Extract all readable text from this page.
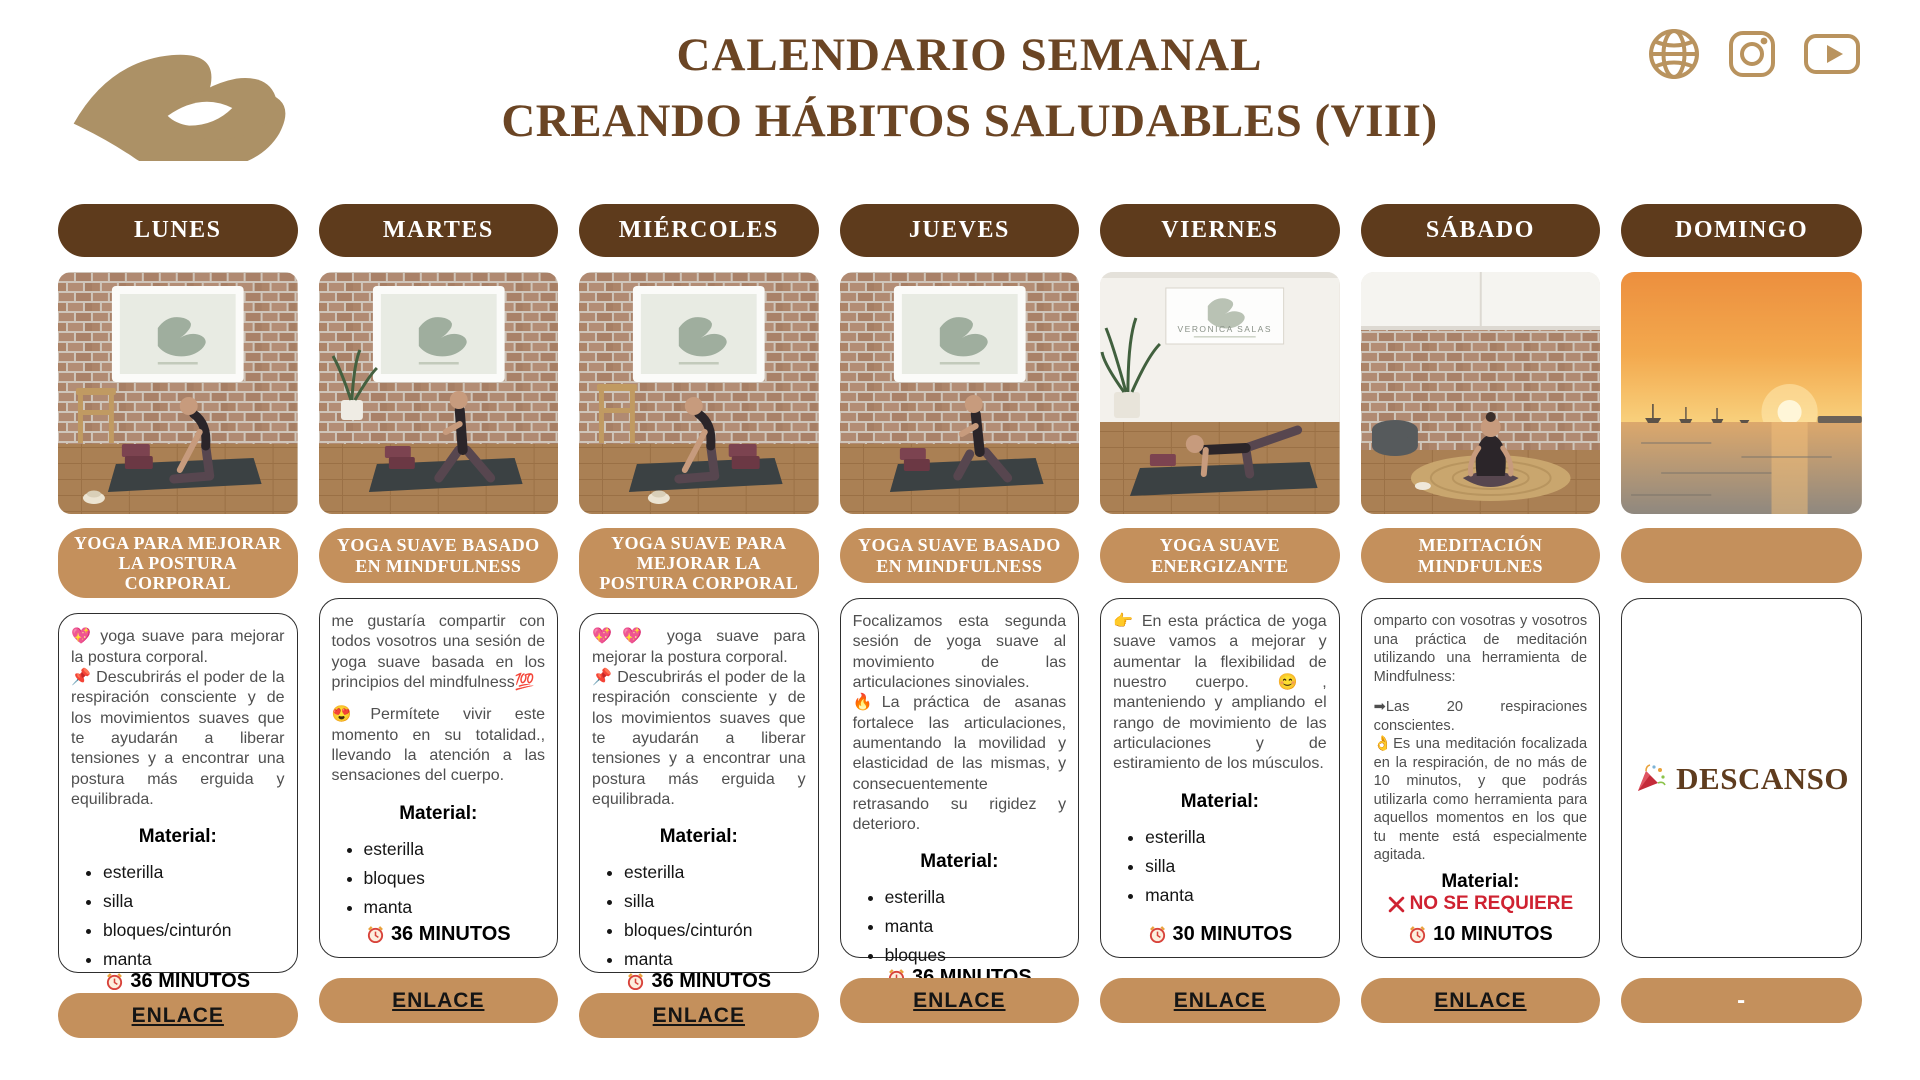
CALENDARIO SEMANAL
CREANDO HÁBITOS SALUDABLES (VIII)
LUNES
YOGA PARA MEJORAR LA POSTURA CORPORAL

💖 yoga suave para mejorar la postura corporal.

📌 Descubrirás el poder de la respiración consciente y de los movimientos suaves que te ayudarán a liberar tensiones y a encontrar una postura más erguida y equilibrada.

Material:
• esterilla
• silla
• bloques/cinturón
• manta
36 MINUTOS
ENLACE
MARTES
YOGA SUAVE BASADO EN MINDFULNESS

me gustaría compartir con todos vosotros una sesión de yoga suave basada en los principios del mindfulness💯

😍Permítete vivir este momento en su totalidad., llevando la atención a las sensaciones del cuerpo.

Material:
• esterilla
• bloques
• manta
36 MINUTOS
ENLACE
MIÉRCOLES
YOGA SUAVE PARA MEJORAR LA POSTURA CORPORAL

💖💖 yoga suave para mejorar la postura corporal.

📌 Descubrirás el poder de la respiración consciente y de los movimientos suaves que te ayudarán a liberar tensiones y a encontrar una postura más erguida y equilibrada.

Material:
• esterilla
• silla
• bloques/cinturón
• manta
36 MINUTOS
ENLACE
JUEVES
YOGA SUAVE BASADO EN MINDFULNESS

Focalizamos esta segunda sesión de yoga suave al movimiento de las articulaciones sinoviales.

🔥La práctica de asanas fortalece las articulaciones, aumentando la movilidad y elasticidad de las mismas, y consecuentemente retrasando su rigidez y deterioro.

Material:
• esterilla
• manta
• bloques
ENLACE
VIERNES
VERONICA SALAS
YOGA SUAVE ENERGIZANTE

👉 En esta práctica de yoga suave vamos a mejorar y aumentar la flexibilidad de nuestro cuerpo. 😊, manteniendo y ampliando el rango de movimiento de las articulaciones y de estiramiento de los músculos.

Material:
• esterilla
• silla
• manta
30 MINUTOS
ENLACE
SÁBADO
MEDITACIÓN MINDFULNES

omparto con vosotras y vosotros una práctica de meditación utilizando una herramienta de Mindfulness:

➡Las 20 respiraciones conscientes.

👌Es una meditación focalizada en la respiración, de no más de 10 minutos, y que podrás utilizarla como herramienta para aquellos momentos en los que tu mente está especialmente agitada.

Material:
NO SE REQUIERE
10 MINUTOS
ENLACE
DOMINGO
DESCANSO
-
